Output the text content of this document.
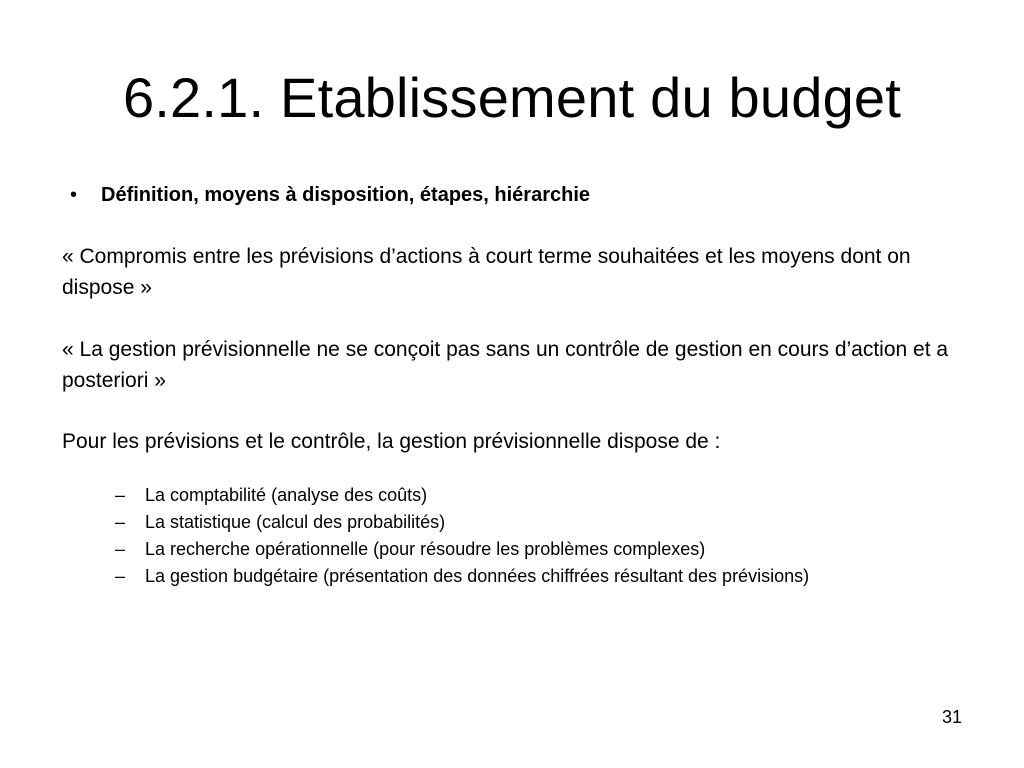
6.2.1. Etablissement du budget
•	Définition, moyens à disposition, étapes, hiérarchie

« Compromis entre les prévisions d’actions à court terme souhaitées et les moyens dont on dispose »

« La gestion prévisionnelle ne se conçoit pas sans un contrôle de gestion en cours d’action et a posteriori »

Pour les prévisions et le contrôle, la gestion prévisionnelle dispose de :

–	La comptabilité (analyse des coûts)
–	La statistique (calcul des probabilités)
–	La recherche opérationnelle (pour résoudre les problèmes complexes)
–	La gestion budgétaire (présentation des données chiffrées résultant des prévisions)
31
